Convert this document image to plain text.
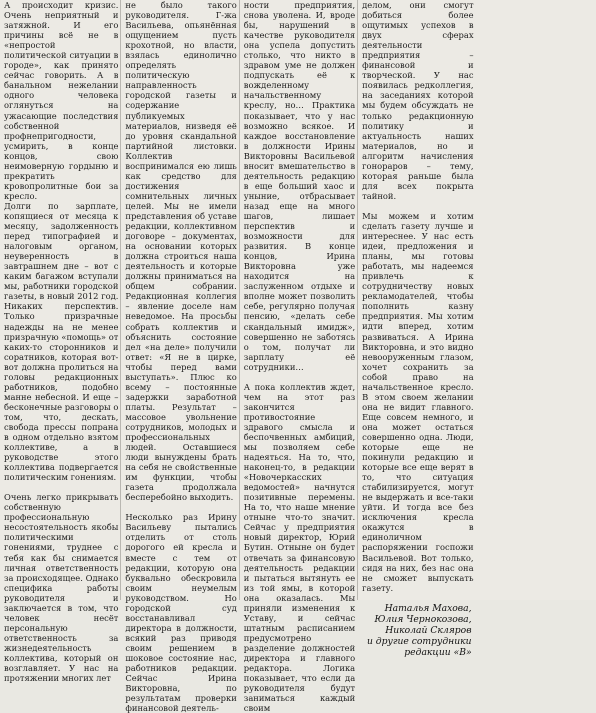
А происходит кризис. Очень неприятный и затяжной. И его причины всё не в «непростой политической ситуации в городе», как принято сейчас говорить. А в банальном нежелании одного человека оглянуться на ужасающие последствия собственной профнепригодности, усмирить, в конце концов, свою неимоверную гордыню и прекратить кровопролитные бои за кресло.

Долги по зарплате, копящиеся от месяца к месяцу, задолженность перед типографией и налоговым органом, неуверенность в завтрашнем дне – вот с каким багажом вступали мы, работники городской газеты, в новый 2012 год. Никаких перспектив. Только призрачные надежды на не менее призрачную «помощь» от каких-то сторонников и соратников, которая вот-вот должна пролиться на головы редакционных работников, подобно манне небесной. И еще – бесконечные разговоры о том, что, дескать, свобода прессы попрана в одном отдельно взятом коллективе, а в руководстве этого коллектива подвергается политическим гонениям.

Очень легко прикрывать собственную профессиональную несостоятельность якобы политическими гонениями, труднее с тебя как бы снимается личная ответственность за происходящее. Однако специфика работы руководителя и заключается в том, что человек несёт персональную ответственность за жизнедеятельность коллектива, который он возглавляет. У нас на протяжении многих лет

не было такого руководителя. Г-жа Васильева, опьянённая ощущением пусть крохотной, но власти, взялась единолично определять политическую направленность городской газеты и содержание публикуемых материалов, низведя её до уровня скандальной партийной листовки. Коллектив воспринимался ею лишь как средство для достижения сомнительных личных целей. Мы не имели представления об уставе редакции, коллективном договоре – документах, на основании которых должна строиться наша деятельность и которые должны приниматься на общем собрании. Редакционная коллегия – явление доселе нам неведомое. На просьбы собрать коллектив и объяснить состояние дел «на деле» получили ответ: «Я не в цирке, чтобы перед вами выступать». Плюс ко всему – постоянные задержки заработной платы. Результат – массовое увольнение сотрудников, молодых и профессиональных людей. Оставшиеся люди вынуждены брать на себя не свойственные им функции, чтобы газета продолжала бесперебойно выходить.

Несколько раз Ирину Васильеву пытались отделить от столь дорогого ей кресла и вместе с тем от редакции, которую она буквально обескровила своим неумелым руководством. Но городской суд восстанавливал директора в должности, всякий раз приводя своим решением в шоковое состояние нас, работников редакции. Сейчас Ирина Викторовна, по результатам проверки финансовой деятель-

ности предприятия, снова уволена. И, вроде бы, нарушений в качестве руководителя она успела допустить столько, что никто в здравом уме не должен подпускать её к вожделенному начальственному креслу, но… Практика показывает, что у нас возможно всякое. И каждое восстановление в должности Ирины Викторовны Васильевой вносит вмешательство в деятельность редакцию в еще больший хаос и уныние, отбрасывает назад еще на много шагов, лишает перспектив и возможности для развития. В конце концов, Ирина Викторовна уже находится на заслуженном отдыхе и вполне может позволить себе, регулярно получая пенсию, «делать себе скандальный имидж», совершенно не заботясь о том, получат ли зарплату её сотрудники…

А пока коллектив ждет, чем на этот раз закончится противостояние здравого смысла и беспочвенных амбиций, мы позволяем себе надеяться. На то, что, наконец-то, в редакции «Новочеркасских ведомостей» начнутся позитивные перемены. На то, что наше мнение отныне что-то значит. Сейчас у предприятия новый директор, Юрий Бутин. Отныне он будет отвечать за финансовую деятельность редакции и пытаться вытянуть ее из той ямы, в которой она оказалась. Мы приняли изменения к Уставу, и сейчас штатным расписанием предусмотрено разделение должностей директора и главного редактора. Логика показывает, что если да руководителя будут заниматься каждый своим

делом, они смогут добиться более ощутимых успехов в двух сферах деятельности предприятия – финансовой и творческой. У нас появилась редколлегия, на заседаниях которой мы будем обсуждать не только редакционную политику и актуальность наших материалов, но и алгоритм начисления гонораров – тему, которая раньше была для всех покрыта тайной.

Мы можем и хотим сделать газету лучше и интереснее. У нас есть идеи, предложения и планы, мы готовы работать, мы надеемся привлечь к сотрудничеству новых рекламодателей, чтобы пополнить казну предприятия. Мы хотим идти вперед, хотим развиваться. А Ирина Викторовна, и это видно невооруженным глазом, хочет сохранить за собой право на начальственное кресло. В этом своем желании она не видит главного. Еще совсем немного, и она может остаться совершенно одна. Люди, которые еще не покинули редакцию и которые все еще верят в то, что ситуация стабилизируется, могут не выдержать и все-таки уйти. И тогда все без исключения кресла окажутся в единоличном распоряжении госпожи Васильевой. Вот только, сидя на них, без нас она не сможет выпускать газету.

Наталья Махова,

Юлия Чернокозова,

Николай Скляров

и другие сотрудники

редакции «В»
